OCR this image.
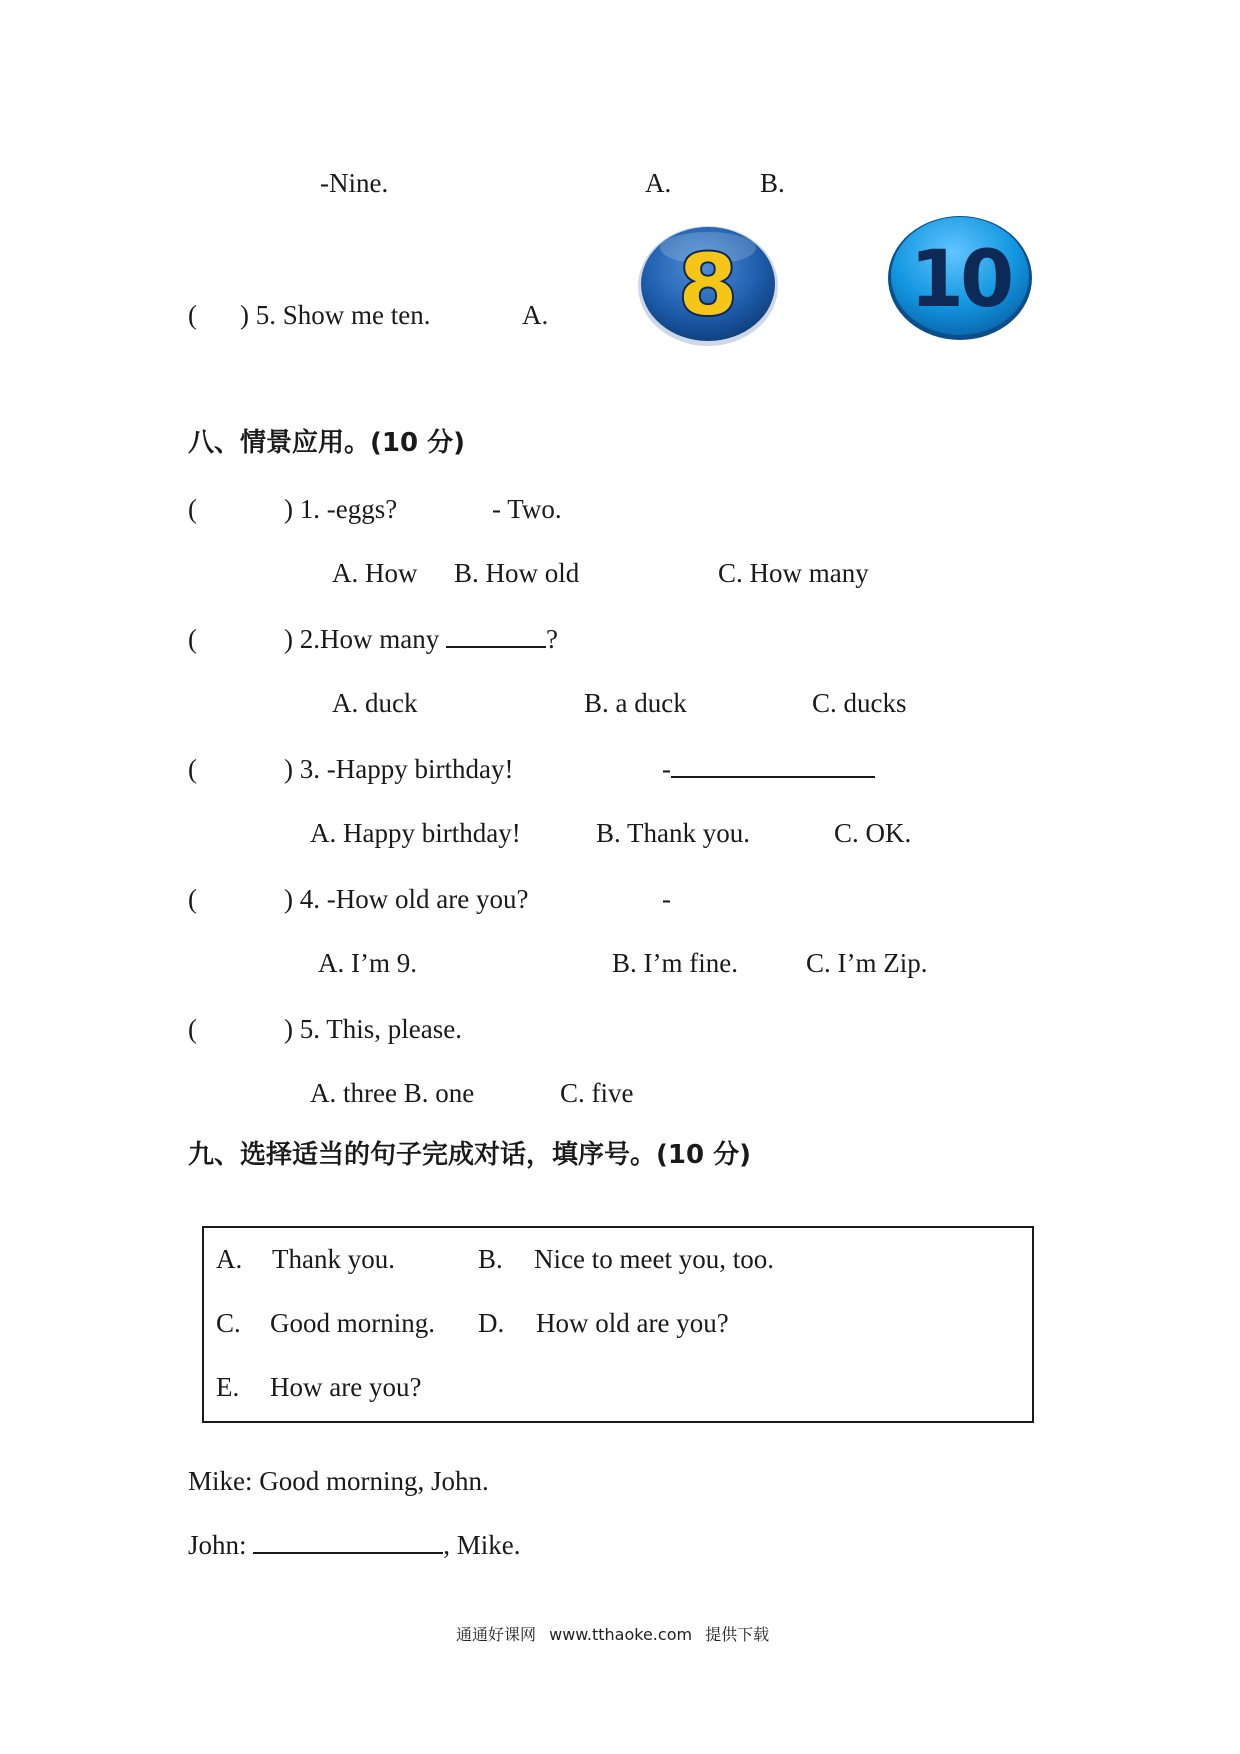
-Nine.	A.	B.
( ) 5. Show me ten.	A. 8 10
八、情景应用。(10 分)
(	) 1. -eggs?	- Two.
A. How B. How old	C. How many
(	) 2.How many	?
A. duck	B. a duck	C. ducks
(	) 3. -Happy birthday!	-
A. Happy birthday!	B. Thank you.	C. OK.
(	) 4. -How old are you?	-
A. I’m 9.	B. I’m fine.	C. I’m Zip.
(	) 5. This, please.
A. three B. one	C. five
九、选择适当的句子完成对话，填序号。(10 分)
A. Thank you.	B. Nice to meet you, too.
C. Good morning. D. How old are you?
E. How are you?
Mike: Good morning, John.
John:	, Mike.
通通好课网 www.tthaoke.com 提供下载
